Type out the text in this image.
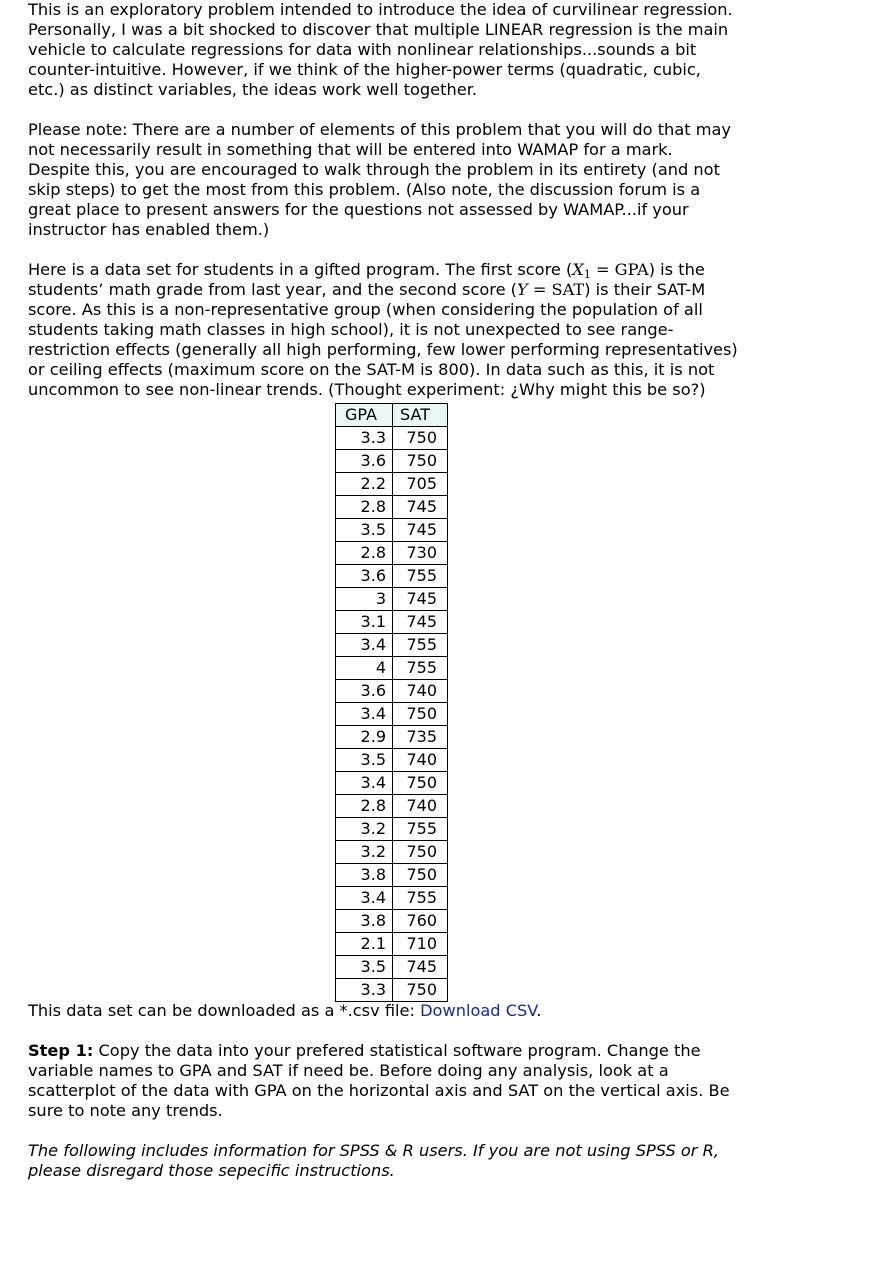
This is an exploratory problem intended to introduce the idea of curvilinear regression. Personally, I was a bit shocked to discover that multiple LINEAR regression is the main vehicle to calculate regressions for data with nonlinear relationships...sounds a bit counter-intuitive. However, if we think of the higher-power terms (quadratic, cubic, etc.) as distinct variables, the ideas work well together.

Please note: There are a number of elements of this problem that you will do that may not necessarily result in something that will be entered into WAMAP for a mark. Despite this, you are encouraged to walk through the problem in its entirety (and not skip steps) to get the most from this problem. (Also note, the discussion forum is a great place to present answers for the questions not assessed by WAMAP...if your instructor has enabled them.)

Here is a data set for students in a gifted program. The first score $(X_1 = GPA)$ is the students’ math grade from last year, and the second score (Y = SAT) is their SAT-M score. As this is a non-representative group (when considering the population of all students taking math classes in high school), it is not unexpected to see range-restriction effects (generally all high performing, few lower performing representatives) or ceiling effects (maximum score on the SAT-M is 800). In data such as this, it is not uncommon to see non-linear trends. (Thought experiment: ¿Why might this be so?)

GPA	SAT
3.3	750
3.6	750
2.2	705
2.8	745
3.5	745
2.8	730
3.6	755
3	745
3.1	745
3.4	755
4	755
3.6	740
3.4	750
2.9	735
3.5	740
3.4	750
2.8	740
3.2	755
3.2	750
3.8	750
3.4	755
3.8	760
2.1	710
3.5	745
3.3	750

This data set can be downloaded as a *.csv file: Download CSV.

Step 1: Copy the data into your prefered statistical software program. Change the variable names to GPA and SAT if need be. Before doing any analysis, look at a scatterplot of the data with GPA on the horizontal axis and SAT on the vertical axis. Be sure to note any trends.

The following includes information for SPSS & R users. If you are not using SPSS or R, please disregard those sepecific instructions.
